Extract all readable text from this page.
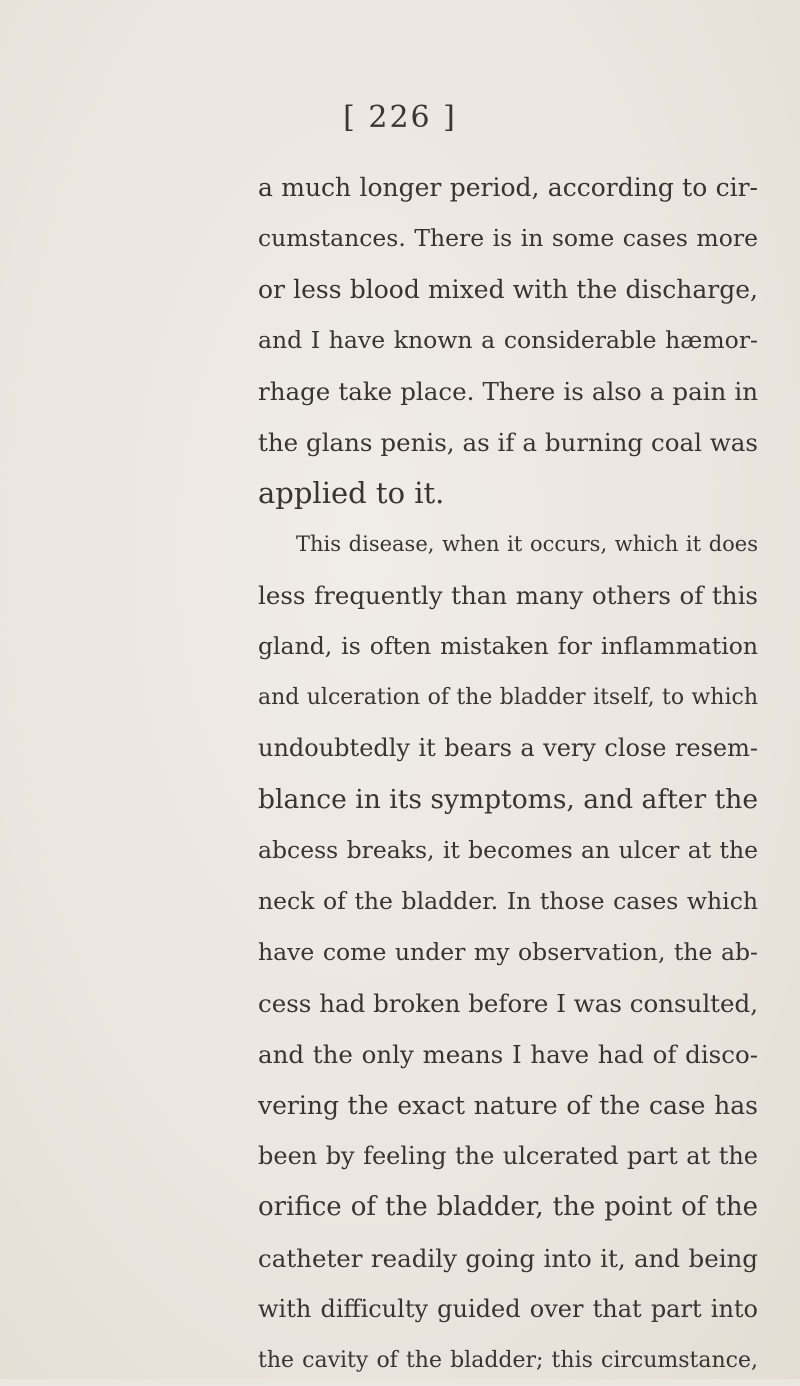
[ 226 ]
a much longer period, according to cir-
cumstances. There is in some cases more
or less blood mixed with the discharge,
and I have known a considerable hæmor-
rhage take place. There is also a pain in
the glans penis, as if a burning coal was
applied to it.
This disease, when it occurs, which it does
less frequently than many others of this
gland, is often mistaken for inflammation
and ulceration of the bladder itself, to which
undoubtedly it bears a very close resem-
blance in its symptoms, and after the
abcess breaks, it becomes an ulcer at the
neck of the bladder. In those cases which
have come under my observation, the ab-
cess had broken before I was consulted,
and the only means I have had of disco-
vering the exact nature of the case has
been by feeling the ulcerated part at the
orifice of the bladder, the point of the
catheter readily going into it, and being
with difficulty guided over that part into
the cavity of the bladder; this circumstance,
